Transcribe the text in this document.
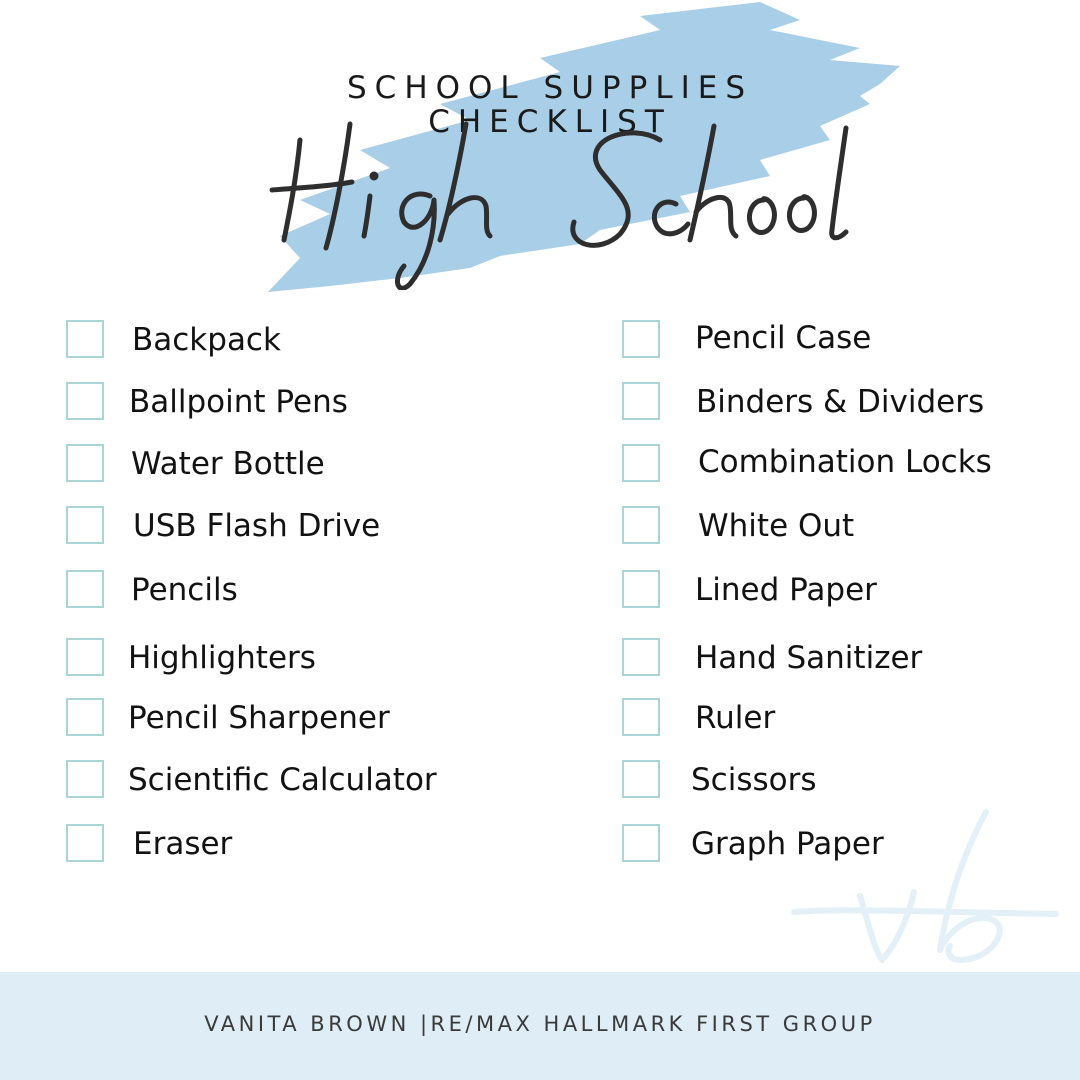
SCHOOL SUPPLIES
CHECKLIST
Backpack
Ballpoint Pens
Water Bottle
USB Flash Drive
Pencils
Highlighters
Pencil Sharpener
Scientific Calculator
Eraser
Pencil Case
Binders & Dividers
Combination Locks
White Out
Lined Paper
Hand Sanitizer
Ruler
Scissors
Graph Paper
vb
VANITA BROWN |RE/MAX HALLMARK FIRST GROUP
